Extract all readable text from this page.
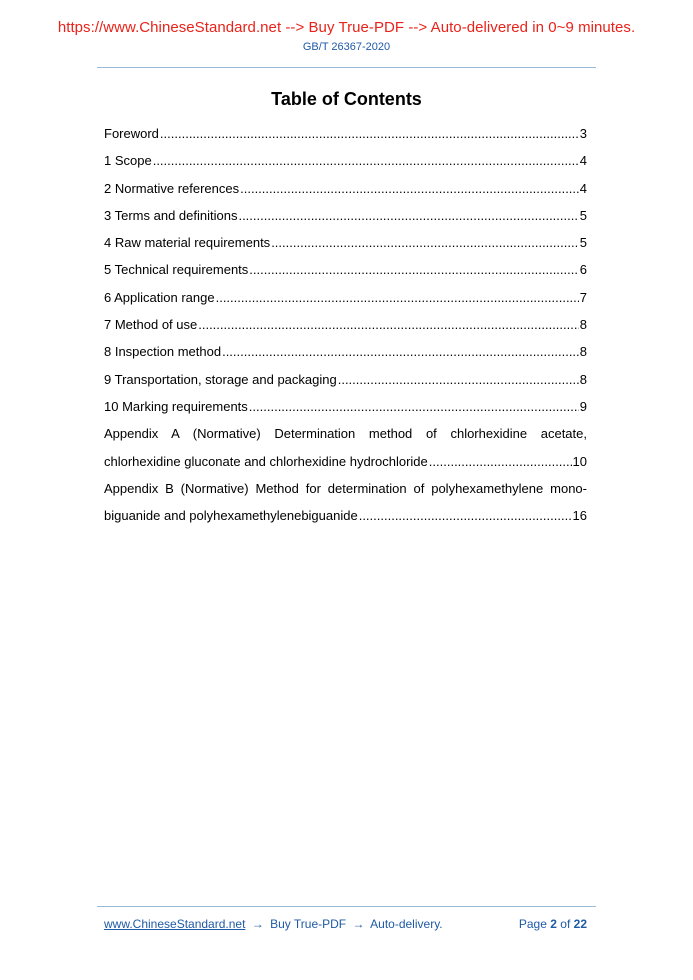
https://www.ChineseStandard.net --> Buy True-PDF --> Auto-delivered in 0~9 minutes.
GB/T 26367-2020
Table of Contents
Foreword .....	3
1 Scope .....	4
2 Normative references .....	4
3 Terms and definitions .....	5
4 Raw material requirements .....	5
5 Technical requirements .....	6
6 Application range .....	7
7 Method of use .....	8
8 Inspection method .....	8
9 Transportation, storage and packaging .....	8
10 Marking requirements .....	9
Appendix A (Normative) Determination method of chlorhexidine acetate,
chlorhexidine gluconate and chlorhexidine hydrochloride .....	10
Appendix B (Normative) Method for determination of polyhexamethylene mono-
biguanide and polyhexamethylenebiguanide .....	16
www.ChineseStandard.net → Buy True-PDF → Auto-delivery.	Page 2 of 22
